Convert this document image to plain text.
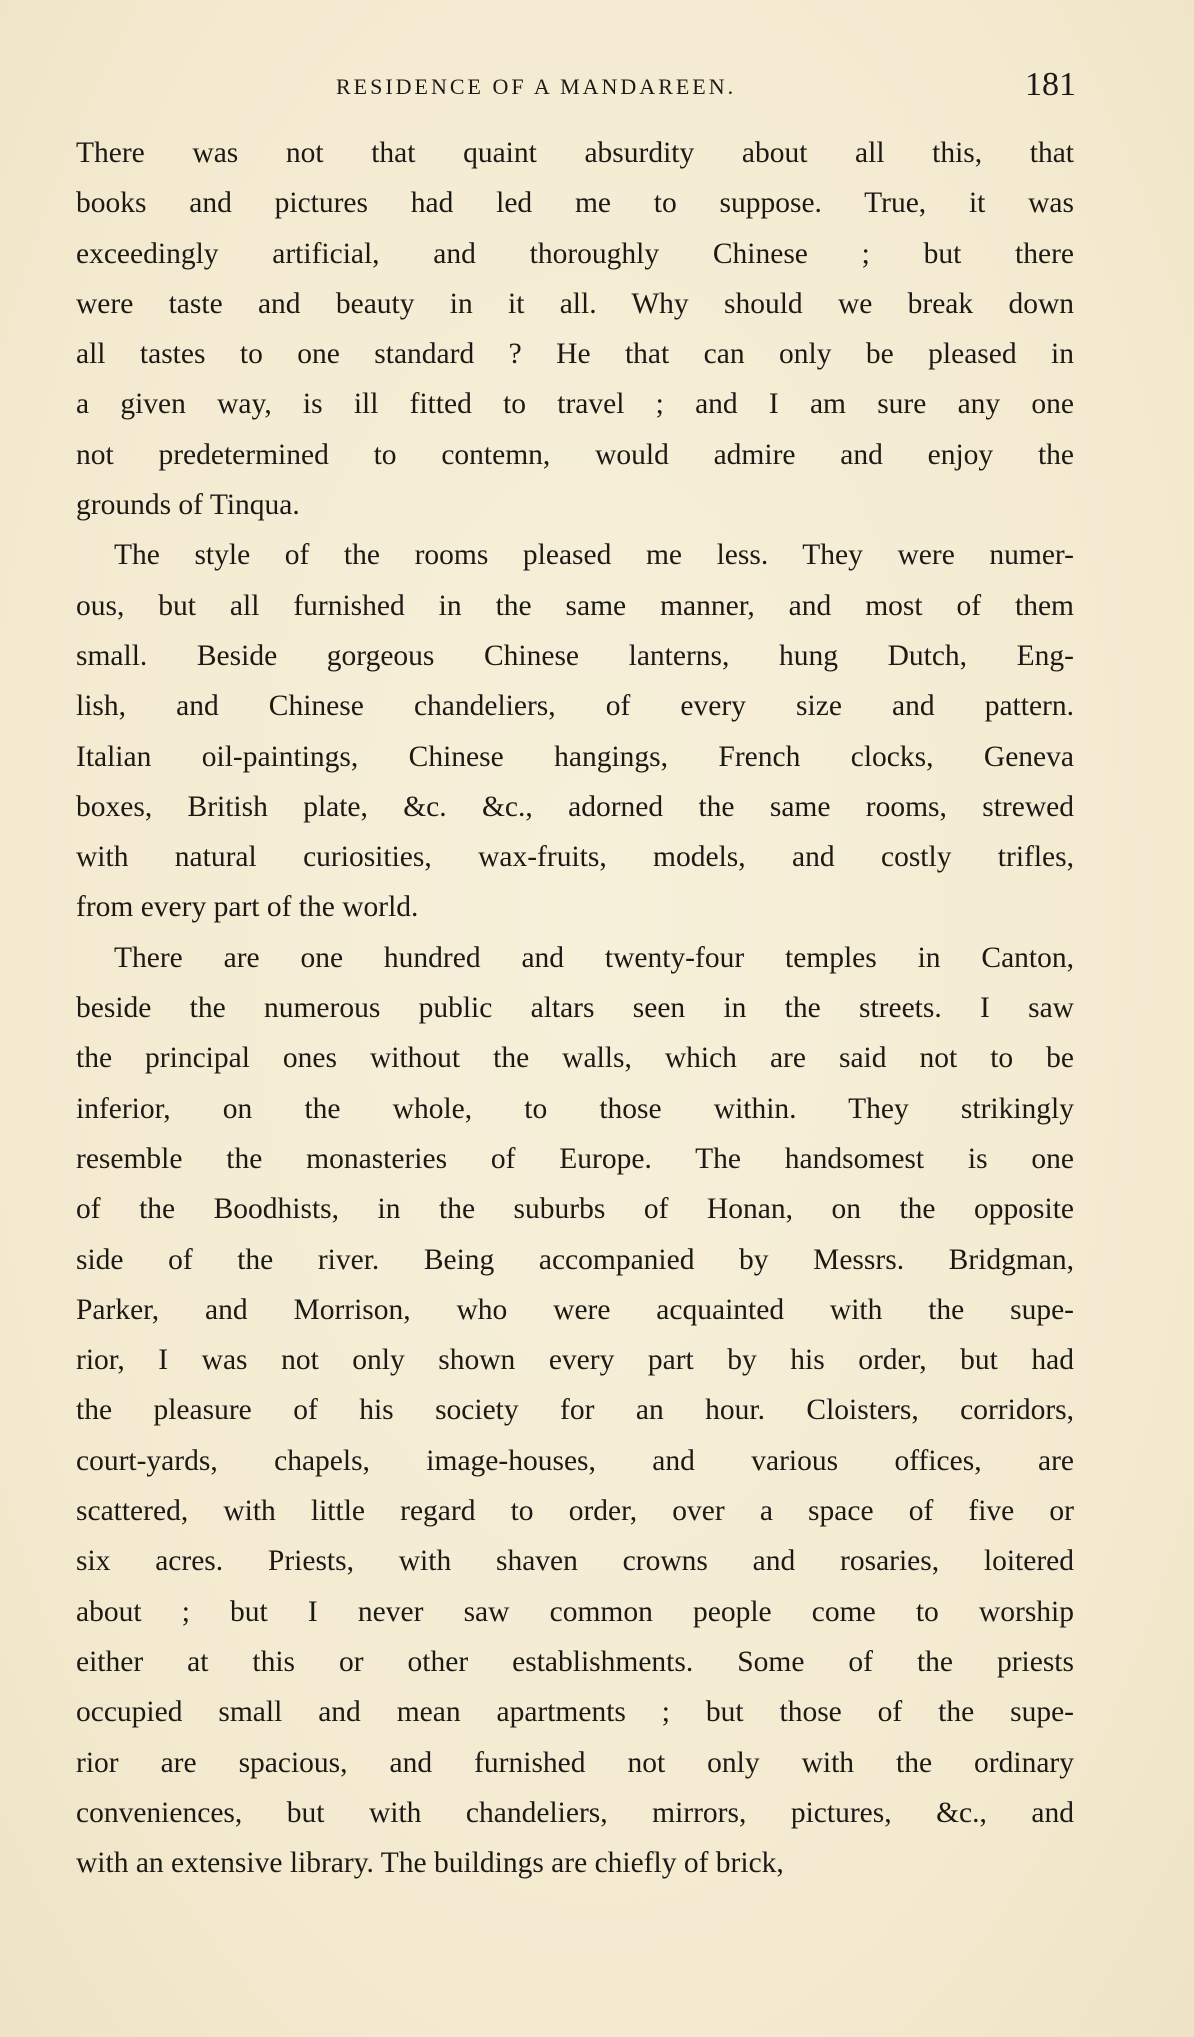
RESIDENCE OF A MANDAREEN.	181

There was not that quaint absurdity about all this, that
books and pictures had led me to suppose. True, it was
exceedingly artificial, and thoroughly Chinese ; but there
were taste and beauty in it all. Why should we break down
all tastes to one standard ? He that can only be pleased in
a given way, is ill fitted to travel ; and I am sure any one
not predetermined to contemn, would admire and enjoy the
grounds of Tinqua.

The style of the rooms pleased me less. They were numer-
ous, but all furnished in the same manner, and most of them
small. Beside gorgeous Chinese lanterns, hung Dutch, Eng-
lish, and Chinese chandeliers, of every size and pattern.
Italian oil-paintings, Chinese hangings, French clocks, Geneva
boxes, British plate, &c. &c., adorned the same rooms, strewed
with natural curiosities, wax-fruits, models, and costly trifles,
from every part of the world.

There are one hundred and twenty-four temples in Canton,
beside the numerous public altars seen in the streets. I saw
the principal ones without the walls, which are said not to be
inferior, on the whole, to those within. They strikingly
resemble the monasteries of Europe. The handsomest is one
of the Boodhists, in the suburbs of Honan, on the opposite
side of the river. Being accompanied by Messrs. Bridgman,
Parker, and Morrison, who were acquainted with the supe-
rior, I was not only shown every part by his order, but had
the pleasure of his society for an hour. Cloisters, corridors,
court-yards, chapels, image-houses, and various offices, are
scattered, with little regard to order, over a space of five or
six acres. Priests, with shaven crowns and rosaries, loitered
about ; but I never saw common people come to worship
either at this or other establishments. Some of the priests
occupied small and mean apartments ; but those of the supe-
rior are spacious, and furnished not only with the ordinary
conveniences, but with chandeliers, mirrors, pictures, &c., and
with an extensive library. The buildings are chiefly of brick,
